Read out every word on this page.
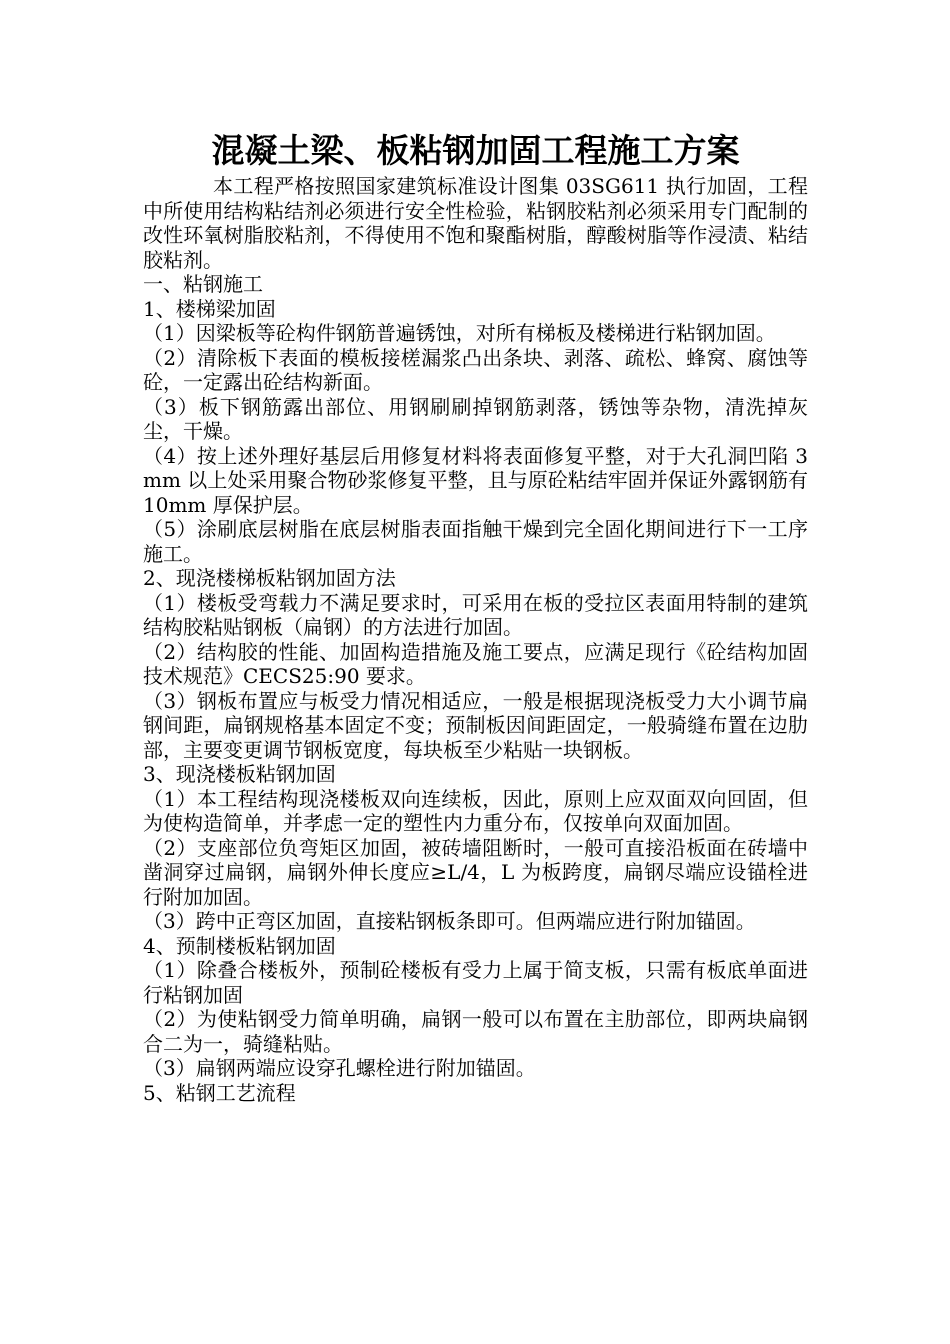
混凝土梁、板粘钢加固工程施工方案

本工程严格按照国家建筑标准设计图集 03SG611 执行加固，工程中所使用结构粘结剂必须进行安全性检验，粘钢胶粘剂必须采用专门配制的改性环氧树脂胶粘剂，不得使用不饱和聚酯树脂，醇酸树脂等作浸渍、粘结胶粘剂。

一、粘钢施工

1、楼梯梁加固

（1）因梁板等砼构件钢筋普遍锈蚀，对所有梯板及楼梯进行粘钢加固。

（2）清除板下表面的模板接槎漏浆凸出条块、剥落、疏松、蜂窝、腐蚀等砼，一定露出砼结构新面。

（3）板下钢筋露出部位、用钢刷刷掉钢筋剥落，锈蚀等杂物，清洗掉灰尘，干燥。

（4）按上述外理好基层后用修复材料将表面修复平整，对于大孔洞凹陷 3mm 以上处采用聚合物砂浆修复平整，且与原砼粘结牢固并保证外露钢筋有 10mm 厚保护层。

（5）涂刷底层树脂在底层树脂表面指触干燥到完全固化期间进行下一工序施工。

2、现浇楼梯板粘钢加固方法

（1）楼板受弯载力不满足要求时，可采用在板的受拉区表面用特制的建筑结构胶粘贴钢板（扁钢）的方法进行加固。

（2）结构胶的性能、加固构造措施及施工要点，应满足现行《砼结构加固技术规范》CECS25:90 要求。

（3）钢板布置应与板受力情况相适应，一般是根据现浇板受力大小调节扁钢间距，扁钢规格基本固定不变；预制板因间距固定，一般骑缝布置在边肋部，主要变更调节钢板宽度，每块板至少粘贴一块钢板。

3、现浇楼板粘钢加固

（1）本工程结构现浇楼板双向连续板，因此，原则上应双面双向回固，但为使构造简单，并孝虑一定的塑性内力重分布，仅按单向双面加固。

（2）支座部位负弯矩区加固，被砖墙阻断时，一般可直接沿板面在砖墙中凿洞穿过扁钢，扁钢外伸长度应≥L/4，L 为板跨度，扁钢尽端应设锚栓进行附加加固。

（3）跨中正弯区加固，直接粘钢板条即可。但两端应进行附加锚固。

4、预制楼板粘钢加固

（1）除叠合楼板外，预制砼楼板有受力上属于简支板，只需有板底单面进行粘钢加固

（2）为使粘钢受力简单明确，扁钢一般可以布置在主肋部位，即两块扁钢合二为一，骑缝粘贴。

（3）扁钢两端应设穿孔螺栓进行附加锚固。

5、粘钢工艺流程
